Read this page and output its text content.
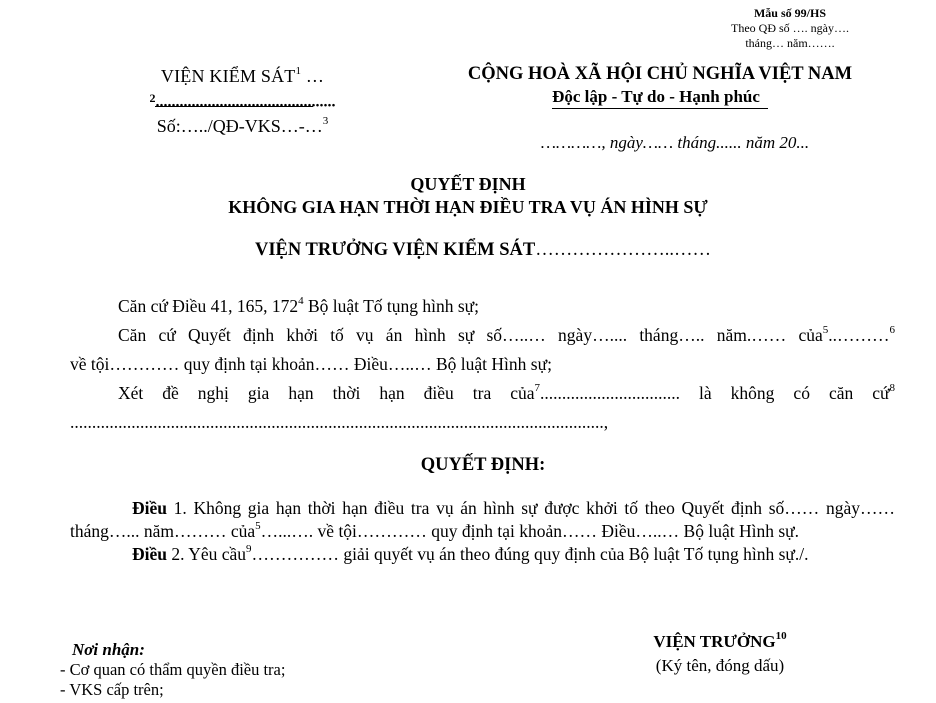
Mẫu số 99/HS
Theo QĐ số …. ngày….
tháng… năm…….
VIỆN KIỂM SÁT$^1$ …
$^2$.............................................
Số:…../QĐ-VKS…-…$^3$
CỘNG HOÀ XÃ HỘI CHỦ NGHĨA VIỆT NAM
Độc lập - Tự do - Hạnh phúc
…………, ngày…… tháng...... năm 20...
QUYẾT ĐỊNH
KHÔNG GIA HẠN THỜI HẠN ĐIỀU TRA VỤ ÁN HÌNH SỰ
VIỆN TRƯỞNG VIỆN KIỂM SÁT…………………..……

Căn cứ Điều 41, 165, $172^4$ Bộ luật Tố tụng hình sự;

Căn cứ Quyết định khởi tố vụ án hình sự số…..… ngày….... tháng….. năm.…… của$^5$..………$^6$

về tội………… quy định tại khoản…… Điều…..… Bộ luật Hình sự;

Xét đề nghị gia hạn thời hạn điều tra của$^7$................................ là không có căn cứ$^8$

..........................................................................................................................,

QUYẾT ĐỊNH:

Điều 1. Không gia hạn thời hạn điều tra vụ án hình sự được khởi tố theo Quyết định số…… ngày…… tháng…... năm……… của$^5$…...…. về tội………… quy định tại khoản…… Điều…..… Bộ luật Hình sự.

Điều 2. Yêu cầu$^9$…………… giải quyết vụ án theo đúng quy định của Bộ luật Tố tụng hình sự./.

Nơi nhận:
- Cơ quan có thẩm quyền điều tra;
- VKS cấp trên;
VIỆN TRƯỞNG$^{10}$
(Ký tên, đóng dấu)
